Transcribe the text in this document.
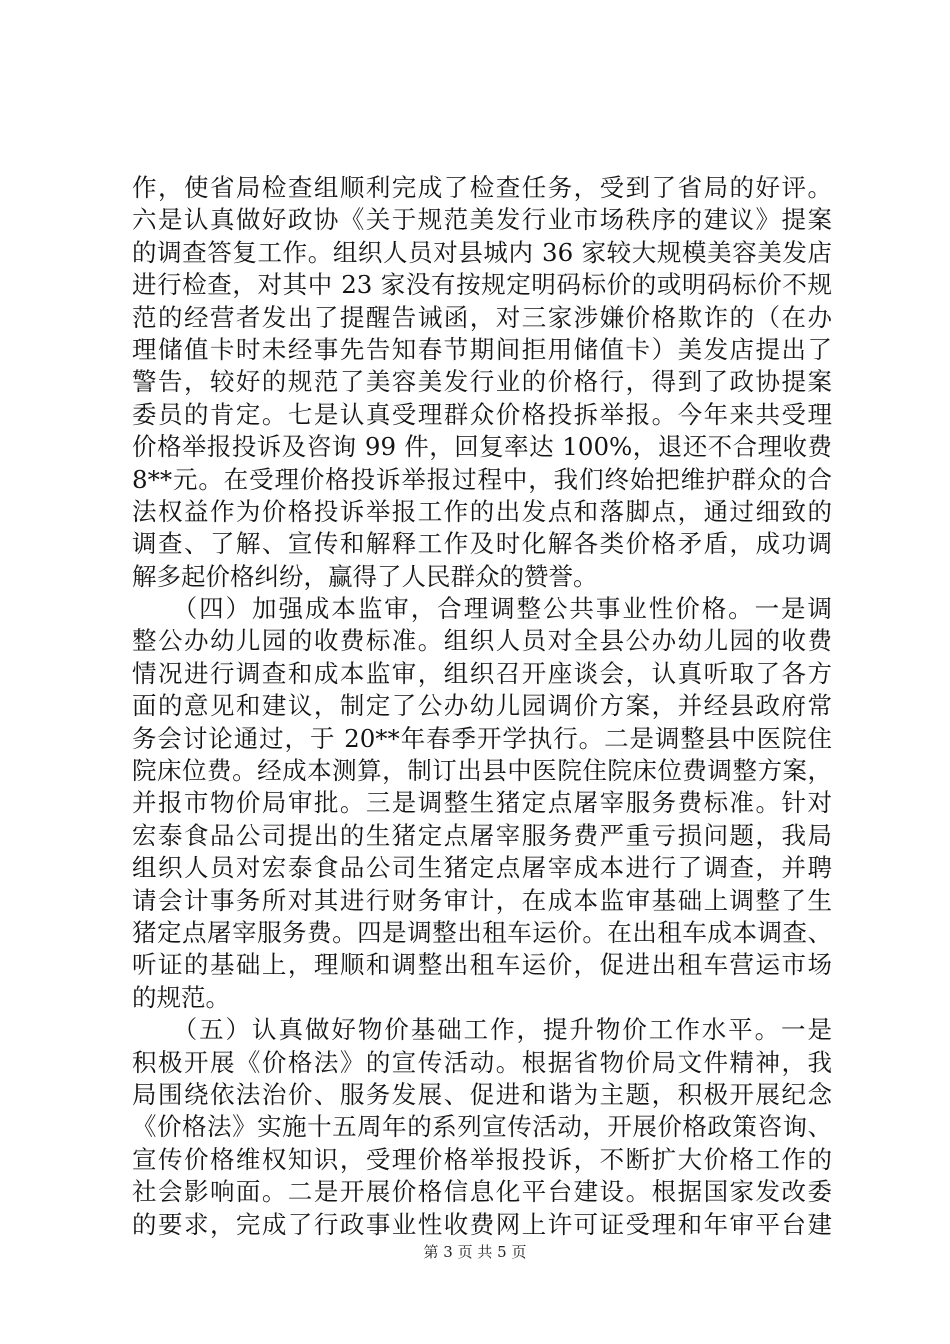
作，使省局检查组顺利完成了检查任务，受到了省局的好评。
六是认真做好政协《关于规范美发行业市场秩序的建议》提案
的调查答复工作。组织人员对县城内 36 家较大规模美容美发店
进行检查，对其中 23 家没有按规定明码标价的或明码标价不规
范的经营者发出了提醒告诫函，对三家涉嫌价格欺诈的（在办
理储值卡时未经事先告知春节期间拒用储值卡）美发店提出了
警告，较好的规范了美容美发行业的价格行，得到了政协提案
委员的肯定。七是认真受理群众价格投拆举报。今年来共受理
价格举报投诉及咨询 99 件，回复率达 100%，退还不合理收费
8**元。在受理价格投诉举报过程中，我们终始把维护群众的合
法权益作为价格投诉举报工作的出发点和落脚点，通过细致的
调查、了解、宣传和解释工作及时化解各类价格矛盾，成功调
解多起价格纠纷，赢得了人民群众的赞誉。
　　（四）加强成本监审，合理调整公共事业性价格。一是调
整公办幼儿园的收费标准。组织人员对全县公办幼儿园的收费
情况进行调查和成本监审，组织召开座谈会，认真听取了各方
面的意见和建议，制定了公办幼儿园调价方案，并经县政府常
务会讨论通过，于 20**年春季开学执行。二是调整县中医院住
院床位费。经成本测算，制订出县中医院住院床位费调整方案，
并报市物价局审批。三是调整生猪定点屠宰服务费标准。针对
宏泰食品公司提出的生猪定点屠宰服务费严重亏损问题，我局
组织人员对宏泰食品公司生猪定点屠宰成本进行了调查，并聘
请会计事务所对其进行财务审计，在成本监审基础上调整了生
猪定点屠宰服务费。四是调整出租车运价。在出租车成本调查、
听证的基础上，理顺和调整出租车运价，促进出租车营运市场
的规范。
　　（五）认真做好物价基础工作，提升物价工作水平。一是
积极开展《价格法》的宣传活动。根据省物价局文件精神，我
局围绕依法治价、服务发展、促进和谐为主题，积极开展纪念
《价格法》实施十五周年的系列宣传活动，开展价格政策咨询、
宣传价格维权知识，受理价格举报投诉，不断扩大价格工作的
社会影响面。二是开展价格信息化平台建设。根据国家发改委
的要求，完成了行政事业性收费网上许可证受理和年审平台建
第 3 页 共 5 页
